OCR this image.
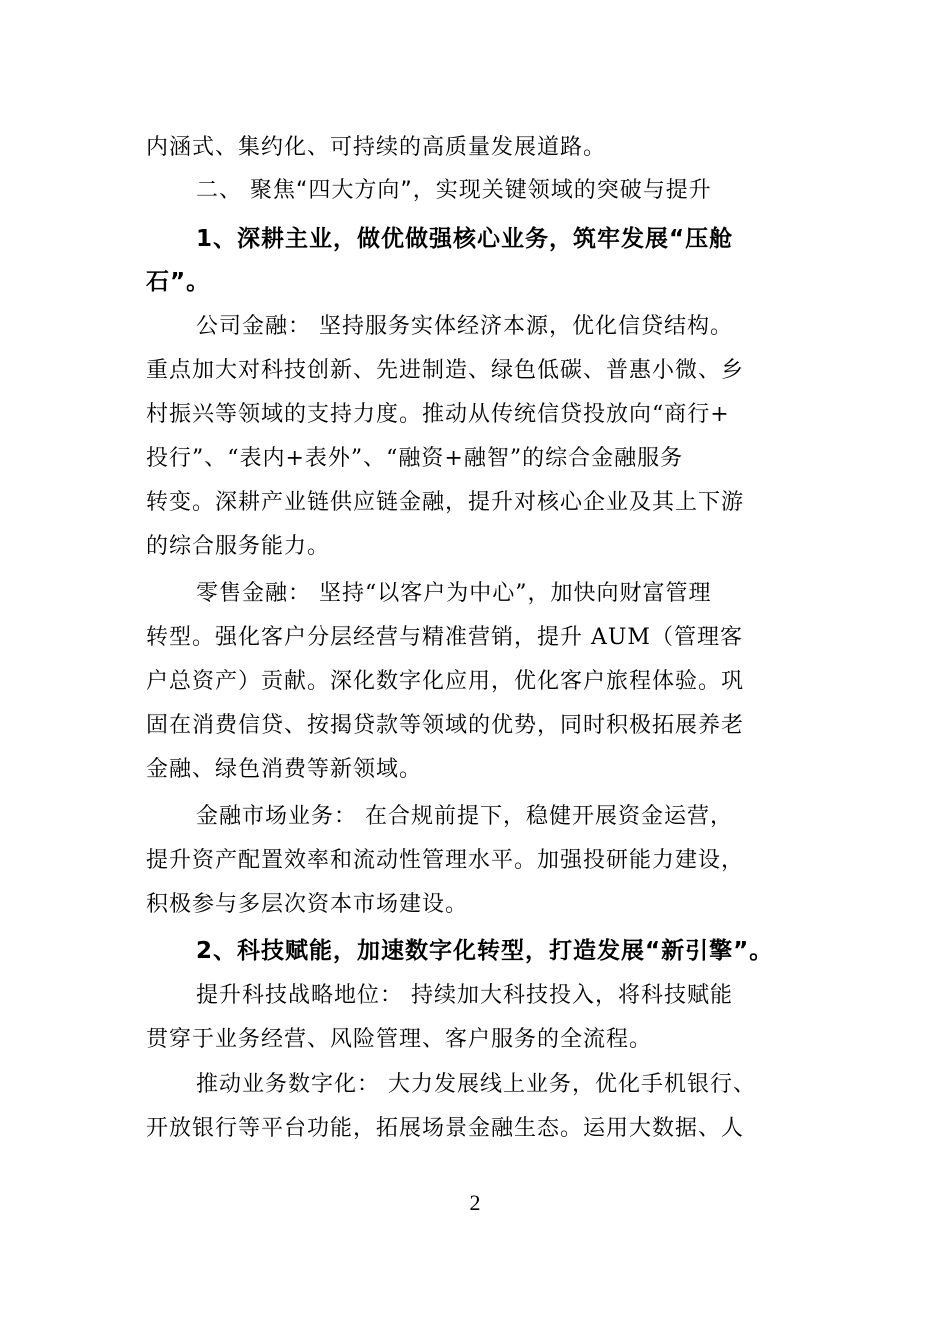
内涵式、集约化、可持续的高质量发展道路。
二、 聚焦“四大方向”，实现关键领域的突破与提升
1、深耕主业，做优做强核心业务，筑牢发展“压舱
石”。
公司金融： 坚持服务实体经济本源，优化信贷结构。
重点加大对科技创新、先进制造、绿色低碳、普惠小微、乡
村振兴等领域的支持力度。推动从传统信贷投放向“商行+
投行”、“表内+表外”、“融资+融智”的综合金融服务
转变。深耕产业链供应链金融，提升对核心企业及其上下游
的综合服务能力。
零售金融： 坚持“以客户为中心”，加快向财富管理
转型。强化客户分层经营与精准营销，提升 AUM（管理客
户总资产）贡献。深化数字化应用，优化客户旅程体验。巩
固在消费信贷、按揭贷款等领域的优势，同时积极拓展养老
金融、绿色消费等新领域。
金融市场业务： 在合规前提下，稳健开展资金运营，
提升资产配置效率和流动性管理水平。加强投研能力建设，
积极参与多层次资本市场建设。
2、科技赋能，加速数字化转型，打造发展“新引擎”。
提升科技战略地位： 持续加大科技投入，将科技赋能
贯穿于业务经营、风险管理、客户服务的全流程。
推动业务数字化： 大力发展线上业务，优化手机银行、
开放银行等平台功能，拓展场景金融生态。运用大数据、人
2
